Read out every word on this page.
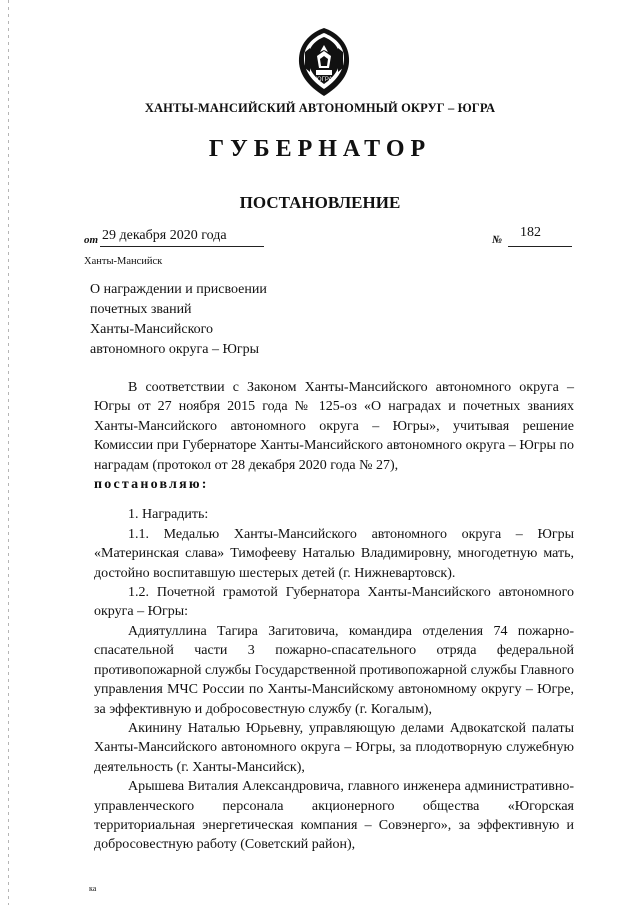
ЮГРА
ХАНТЫ-МАНСИЙСКИЙ АВТОНОМНЫЙ ОКРУГ – ЮГРА
ГУБЕРНАТОР
ПОСТАНОВЛЕНИЕ
от 29 декабря 2020 года	№ 182
Ханты-Мансийск
О награждении и присвоении
почетных званий
Ханты-Мансийского
автономного округа – Югры

В соответствии с Законом Ханты-Мансийского автономного округа – Югры от 27 ноября 2015 года № 125-оз «О наградах и почетных званиях Ханты-Мансийского автономного округа – Югры», учитывая решение Комиссии при Губернаторе Ханты-Мансийского автономного округа – Югры по наградам (протокол от 28 декабря 2020 года № 27),

постановляю:

1. Наградить:

1.1. Медалью Ханты-Мансийского автономного округа – Югры «Материнская слава» Тимофееву Наталью Владимировну, многодетную мать, достойно воспитавшую шестерых детей (г. Нижневартовск).

1.2. Почетной грамотой Губернатора Ханты-Мансийского автономного округа – Югры:

Адиятуллина Тагира Загитовича, командира отделения 74 пожарно-спасательной части 3 пожарно-спасательного отряда федеральной противопожарной службы Государственной противопожарной службы Главного управления МЧС России по Ханты-Мансийскому автономному округу – Югре, за эффективную и добросовестную службу (г. Когалым),

Акинину Наталью Юрьевну, управляющую делами Адвокатской палаты Ханты-Мансийского автономного округа – Югры, за плодотворную служебную деятельность (г. Ханты-Мансийск),

Арышева Виталия Александровича, главного инженера административно-управленческого персонала акционерного общества «Югорская территориальная энергетическая компания – Совэнерго», за эффективную и добросовестную работу (Советский район),

ка
